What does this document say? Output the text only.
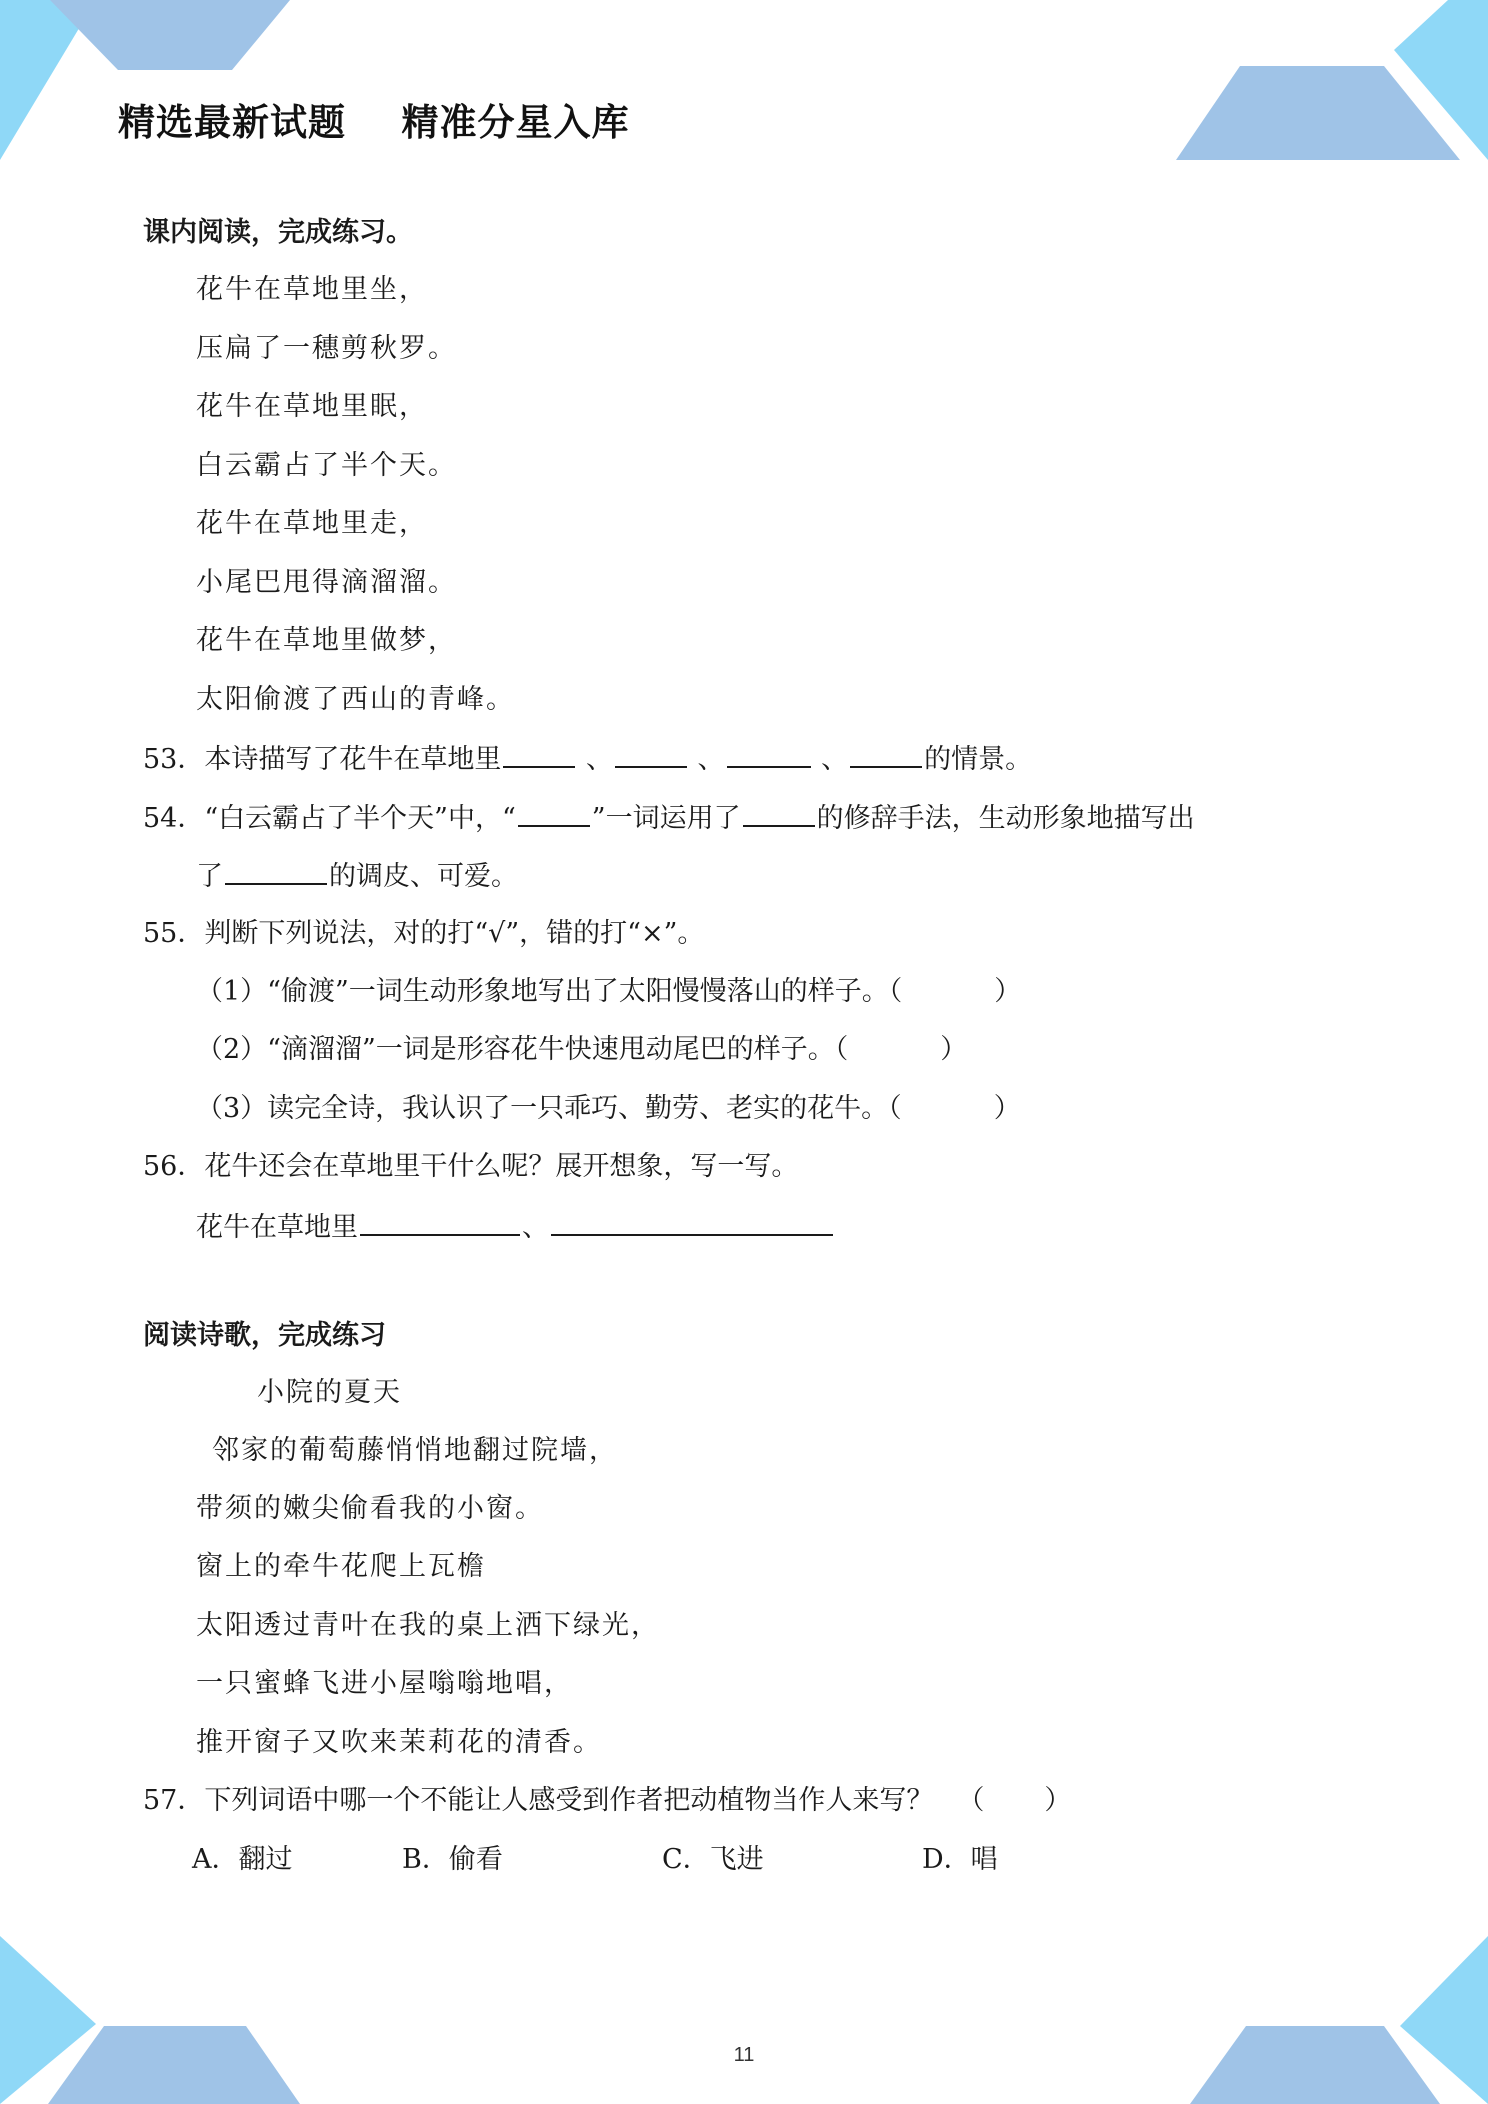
精选最新试题    精准分星入库
课内阅读，完成练习。
花牛在草地里坐，
压扁了一穗剪秋罗。
花牛在草地里眠，
白云霸占了半个天。
花牛在草地里走，
小尾巴甩得滴溜溜。
花牛在草地里做梦，
太阳偷渡了西山的青峰。
53．本诗描写了花牛在草地里	、	、	、	的情景。
54．“白云霸占了半个天”中，“	”一词运用了	的修辞手法，生动形象地描写出
了	的调皮、可爱。
55．判断下列说法，对的打“√”，错的打“×”。
（1）“偷渡”一词生动形象地写出了太阳慢慢落山的样子。（	）
（2）“滴溜溜”一词是形容花牛快速甩动尾巴的样子。（	）
（3）读完全诗，我认识了一只乖巧、勤劳、老实的花牛。（	）
56．花牛还会在草地里干什么呢？展开想象，写一写。
花牛在草地里	、
阅读诗歌，完成练习
小院的夏天
邻家的葡萄藤悄悄地翻过院墙，
带须的嫩尖偷看我的小窗。
窗上的牵牛花爬上瓦檐
太阳透过青叶在我的桌上洒下绿光，
一只蜜蜂飞进小屋嗡嗡地唱，
推开窗子又吹来茉莉花的清香。
57．下列词语中哪一个不能让人感受到作者把动植物当作人来写？ （ ）
A．翻过	B．偷看	C．飞进	D．唱
11
